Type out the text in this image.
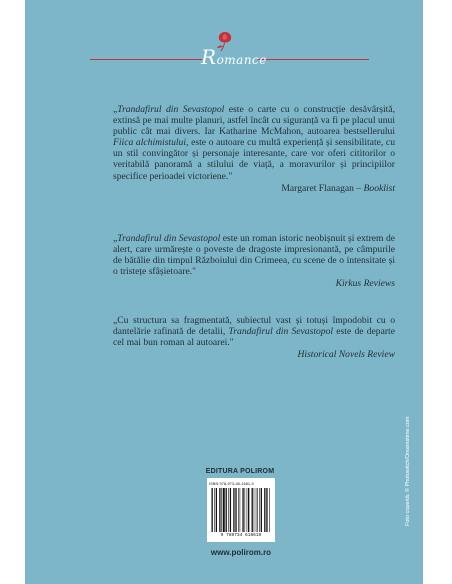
Romance

„Trandafirul din Sevastopol este o carte cu o construcție desăvârșită, extinsă pe mai multe planuri, astfel încât cu siguranță va fi pe placul unui public cât mai divers. Iar Katharine McMahon, autoarea bestsellerului Fiica alchimistului, este o autoare cu multă experiență și sensibilitate, cu un stil convingător și personaje interesante, care vor oferi cititorilor o veritabilă panoramă a stilului de viață, a moravurilor și principiilor specifice perioadei victoriene."

Margaret Flanagan – Booklist

„Trandafirul din Sevastopol este un roman istoric neobișnuit și extrem de alert, care urmărește o poveste de dragoste impresionantă, pe câmpurile de bătălie din timpul Războiului din Crimeea, cu scene de o intensitate și o tristețe sfâșietoare."

Kirkus Reviews

„Cu structura sa fragmentată, subiectul vast și totuși împodobit cu o dantelărie rafinată de detalii, Trandafirul din Sevastopol este de departe cel mai bun roman al autoarei."

Historical Novels Review

Foto copertă: © Photowitch/Dreamstime.com
EDITURA POLIROM
ISBN 978-973-46-1661-9
9 789734 616619
www.polirom.ro
